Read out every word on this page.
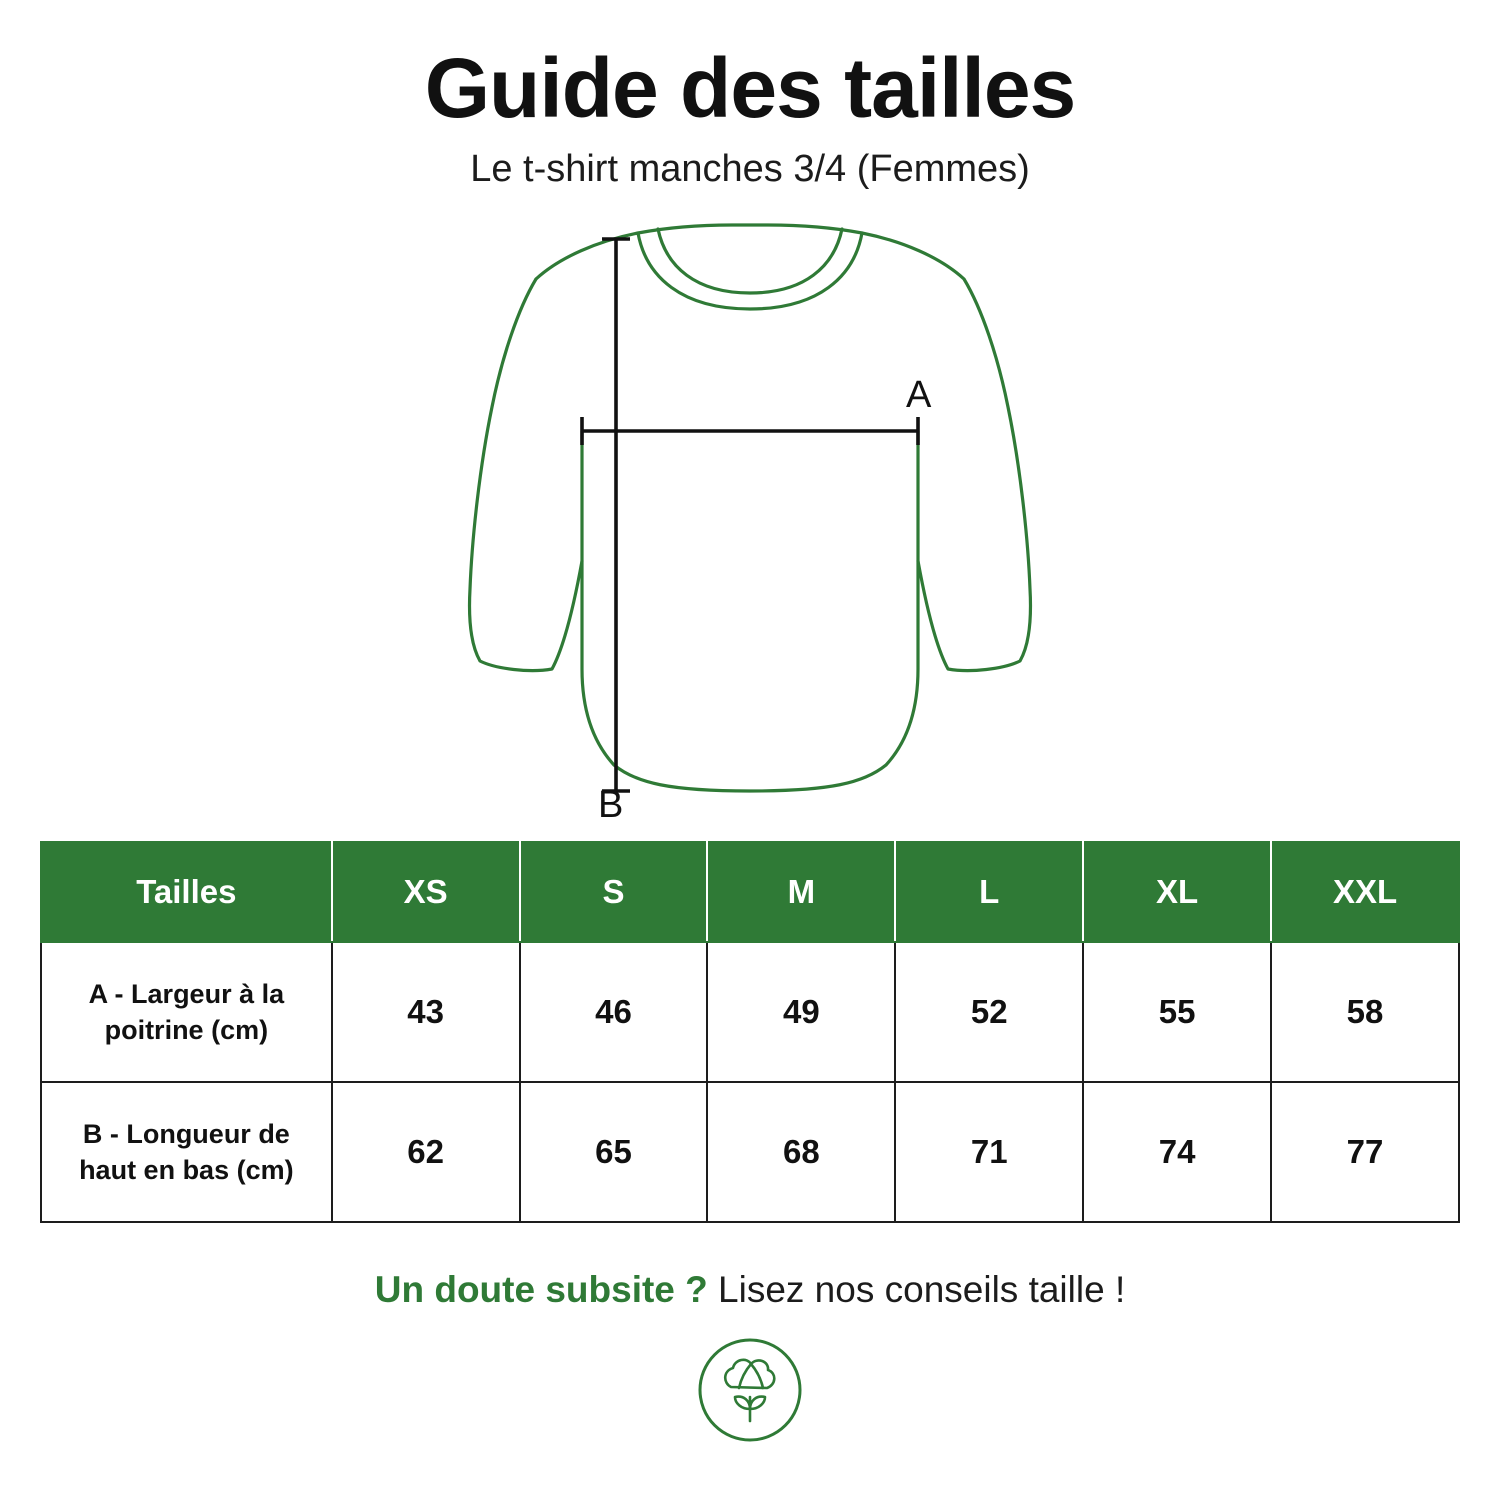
Guide des tailles
Le t-shirt manches 3/4 (Femmes)
A
B
Tailles	XS	S	M	L	XL	XXL
A - Largeur à la poitrine (cm)	43	46	49	52	55	58
B - Longueur de haut en bas (cm)	62	65	68	71	74	77
Un doute subsite ? Lisez nos conseils taille !
